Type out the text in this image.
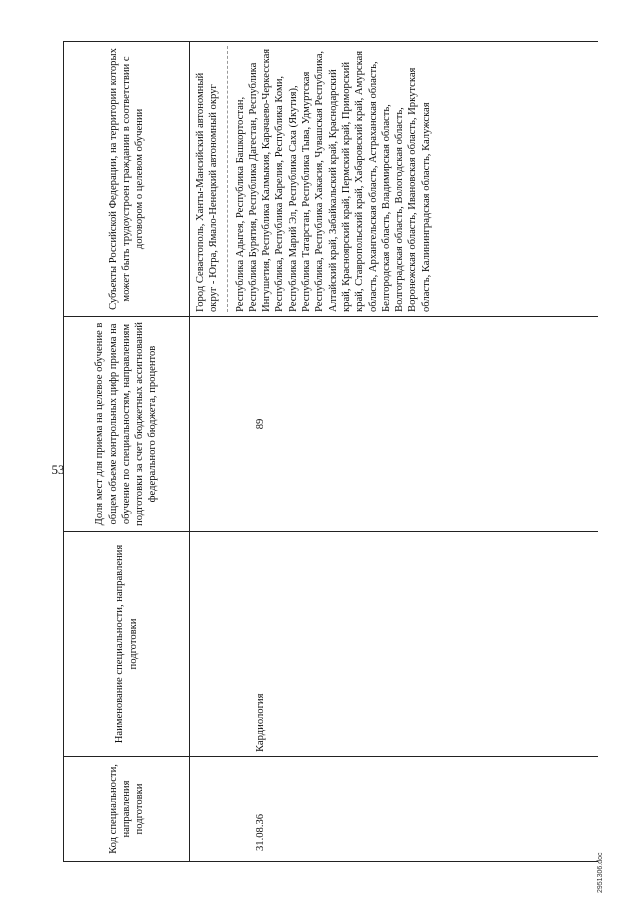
53
Код специальности, направления подготовки	Наименование специальности, направления подготовки	Доля мест для приема на целевое обучение в общем объеме контрольных цифр приема на обучение по специальностям, направлениям подготовки за счет бюджетных ассигнований федерального бюджета, процентов	Субъекты Российской Федерации, на территории которых может быть трудоустроен гражданин в соответствии с договором о целевом обучении

31.08.36	Кардиология	89	Город Севастополь, Ханты-Мансийский автономный округ - Югра, Ямало-Ненецкий автономный округ Республика Адыгея, Республика Башкортостан, Республика Бурятия, Республика Дагестан, Республика Ингушетия, Республика Калмыкия, Карачаево-Черкесская Республика, Республика Карелия, Республика Коми, Республика Марий Эл, Республика Саха (Якутия), Республика Татарстан, Республика Тыва, Удмуртская Республика, Республика Хакасия, Чувашская Республика, Алтайский край, Забайкальский край, Краснодарский край, Красноярский край, Пермский край, Приморский край, Ставропольский край, Хабаровский край, Амурская область, Архангельская область, Астраханская область, Белгородская область, Владимирская область, Волгоградская область, Вологодская область, Воронежская область, Ивановская область, Иркутская область, Калининградская область, Калужская
2951306.doc
